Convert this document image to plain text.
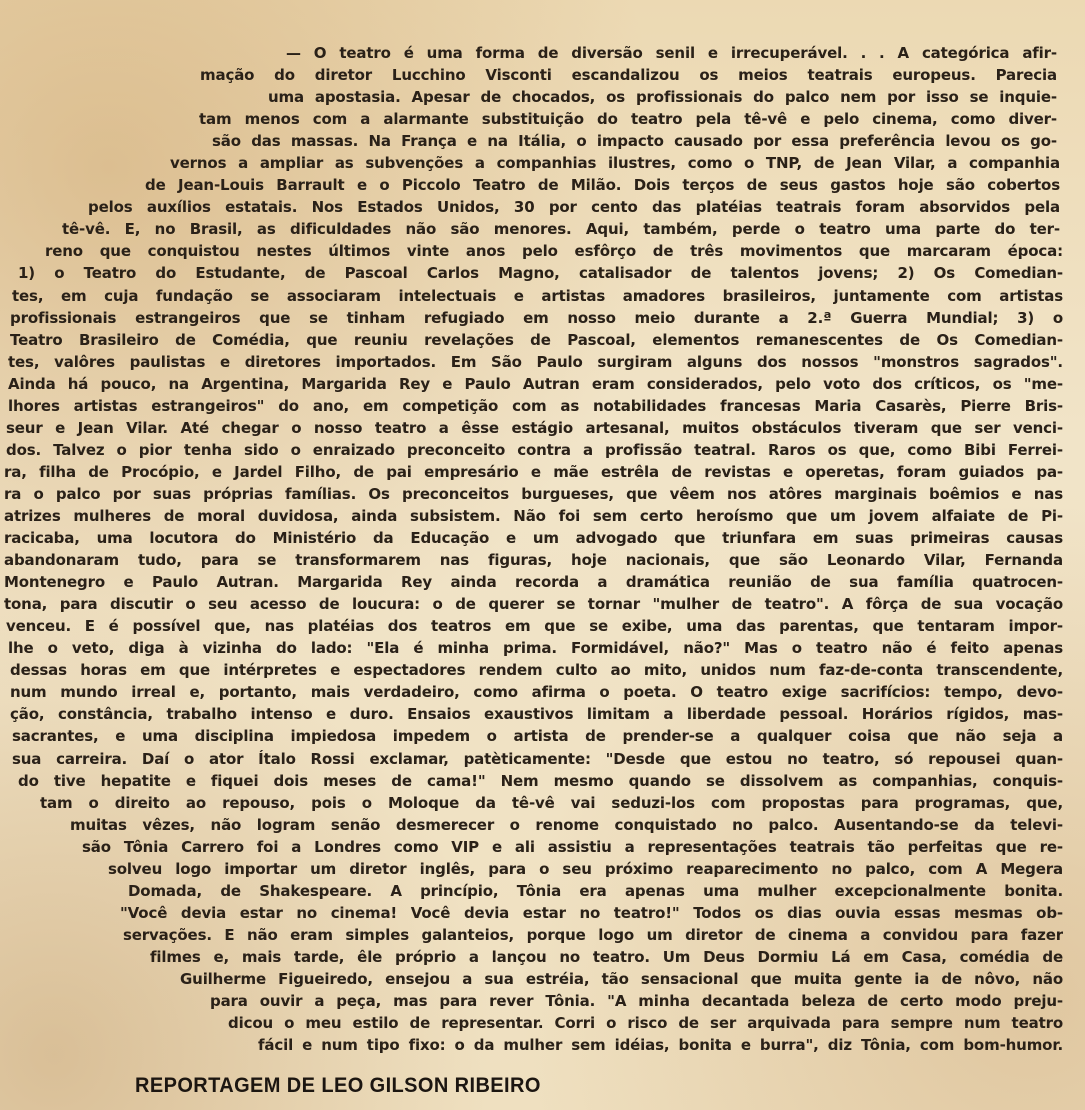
— O teatro é uma forma de diversão senil e irrecuperável. . . A categórica afir-
mação do diretor Lucchino Visconti escandalizou os meios teatrais europeus. Parecia
uma apostasia. Apesar de chocados, os profissionais do palco nem por isso se inquie-
tam menos com a alarmante substituição do teatro pela tê-vê e pelo cinema, como diver-
são das massas. Na França e na Itália, o impacto causado por essa preferência levou os go-
vernos a ampliar as subvenções a companhias ilustres, como o TNP, de Jean Vilar, a companhia
de Jean-Louis Barrault e o Piccolo Teatro de Milão. Dois terços de seus gastos hoje são cobertos
pelos auxílios estatais. Nos Estados Unidos, 30 por cento das platéias teatrais foram absorvidos pela
tê-vê. E, no Brasil, as dificuldades não são menores. Aqui, também, perde o teatro uma parte do ter-
reno que conquistou nestes últimos vinte anos pelo esfôrço de três movimentos que marcaram época:
1) o Teatro do Estudante, de Pascoal Carlos Magno, catalisador de talentos jovens; 2) Os Comedian-
tes, em cuja fundação se associaram intelectuais e artistas amadores brasileiros, juntamente com artistas
profissionais estrangeiros que se tinham refugiado em nosso meio durante a 2.ª Guerra Mundial; 3) o
Teatro Brasileiro de Comédia, que reuniu revelações de Pascoal, elementos remanescentes de Os Comedian-
tes, valôres paulistas e diretores importados. Em São Paulo surgiram alguns dos nossos "monstros sagrados".
Ainda há pouco, na Argentina, Margarida Rey e Paulo Autran eram considerados, pelo voto dos críticos, os "me-
lhores artistas estrangeiros" do ano, em competição com as notabilidades francesas Maria Casarès, Pierre Bris-
seur e Jean Vilar. Até chegar o nosso teatro a êsse estágio artesanal, muitos obstáculos tiveram que ser venci-
dos. Talvez o pior tenha sido o enraizado preconceito contra a profissão teatral. Raros os que, como Bibi Ferrei-
ra, filha de Procópio, e Jardel Filho, de pai empresário e mãe estrêla de revistas e operetas, foram guiados pa-
ra o palco por suas próprias famílias. Os preconceitos burgueses, que vêem nos atôres marginais boêmios e nas
atrizes mulheres de moral duvidosa, ainda subsistem. Não foi sem certo heroísmo que um jovem alfaiate de Pi-
racicaba, uma locutora do Ministério da Educação e um advogado que triunfara em suas primeiras causas
abandonaram tudo, para se transformarem nas figuras, hoje nacionais, que são Leonardo Vilar, Fernanda
Montenegro e Paulo Autran. Margarida Rey ainda recorda a dramática reunião de sua família quatrocen-
tona, para discutir o seu acesso de loucura: o de querer se tornar "mulher de teatro". A fôrça de sua vocação
venceu. E é possível que, nas platéias dos teatros em que se exibe, uma das parentas, que tentaram impor-
lhe o veto, diga à vizinha do lado: "Ela é minha prima. Formidável, não?" Mas o teatro não é feito apenas
dessas horas em que intérpretes e espectadores rendem culto ao mito, unidos num faz-de-conta transcendente,
num mundo irreal e, portanto, mais verdadeiro, como afirma o poeta. O teatro exige sacrifícios: tempo, devo-
ção, constância, trabalho intenso e duro. Ensaios exaustivos limitam a liberdade pessoal. Horários rígidos, mas-
sacrantes, e uma disciplina impiedosa impedem o artista de prender-se a qualquer coisa que não seja a
sua carreira. Daí o ator Ítalo Rossi exclamar, patèticamente: "Desde que estou no teatro, só repousei quan-
do tive hepatite e fiquei dois meses de cama!" Nem mesmo quando se dissolvem as companhias, conquis-
tam o direito ao repouso, pois o Moloque da tê-vê vai seduzi-los com propostas para programas, que,
muitas vêzes, não logram senão desmerecer o renome conquistado no palco. Ausentando-se da televi-
são Tônia Carrero foi a Londres como VIP e ali assistiu a representações teatrais tão perfeitas que re-
solveu logo importar um diretor inglês, para o seu próximo reaparecimento no palco, com A Megera
Domada, de Shakespeare. A princípio, Tônia era apenas uma mulher excepcionalmente bonita.
"Você devia estar no cinema! Você devia estar no teatro!" Todos os dias ouvia essas mesmas ob-
servações. E não eram simples galanteios, porque logo um diretor de cinema a convidou para fazer
filmes e, mais tarde, êle próprio a lançou no teatro. Um Deus Dormiu Lá em Casa, comédia de
Guilherme Figueiredo, ensejou a sua estréia, tão sensacional que muita gente ia de nôvo, não
para ouvir a peça, mas para rever Tônia. "A minha decantada beleza de certo modo preju-
dicou o meu estilo de representar. Corri o risco de ser arquivada para sempre num teatro
fácil e num tipo fixo: o da mulher sem idéias, bonita e burra", diz Tônia, com bom-humor.
REPORTAGEM DE LEO GILSON RIBEIRO
